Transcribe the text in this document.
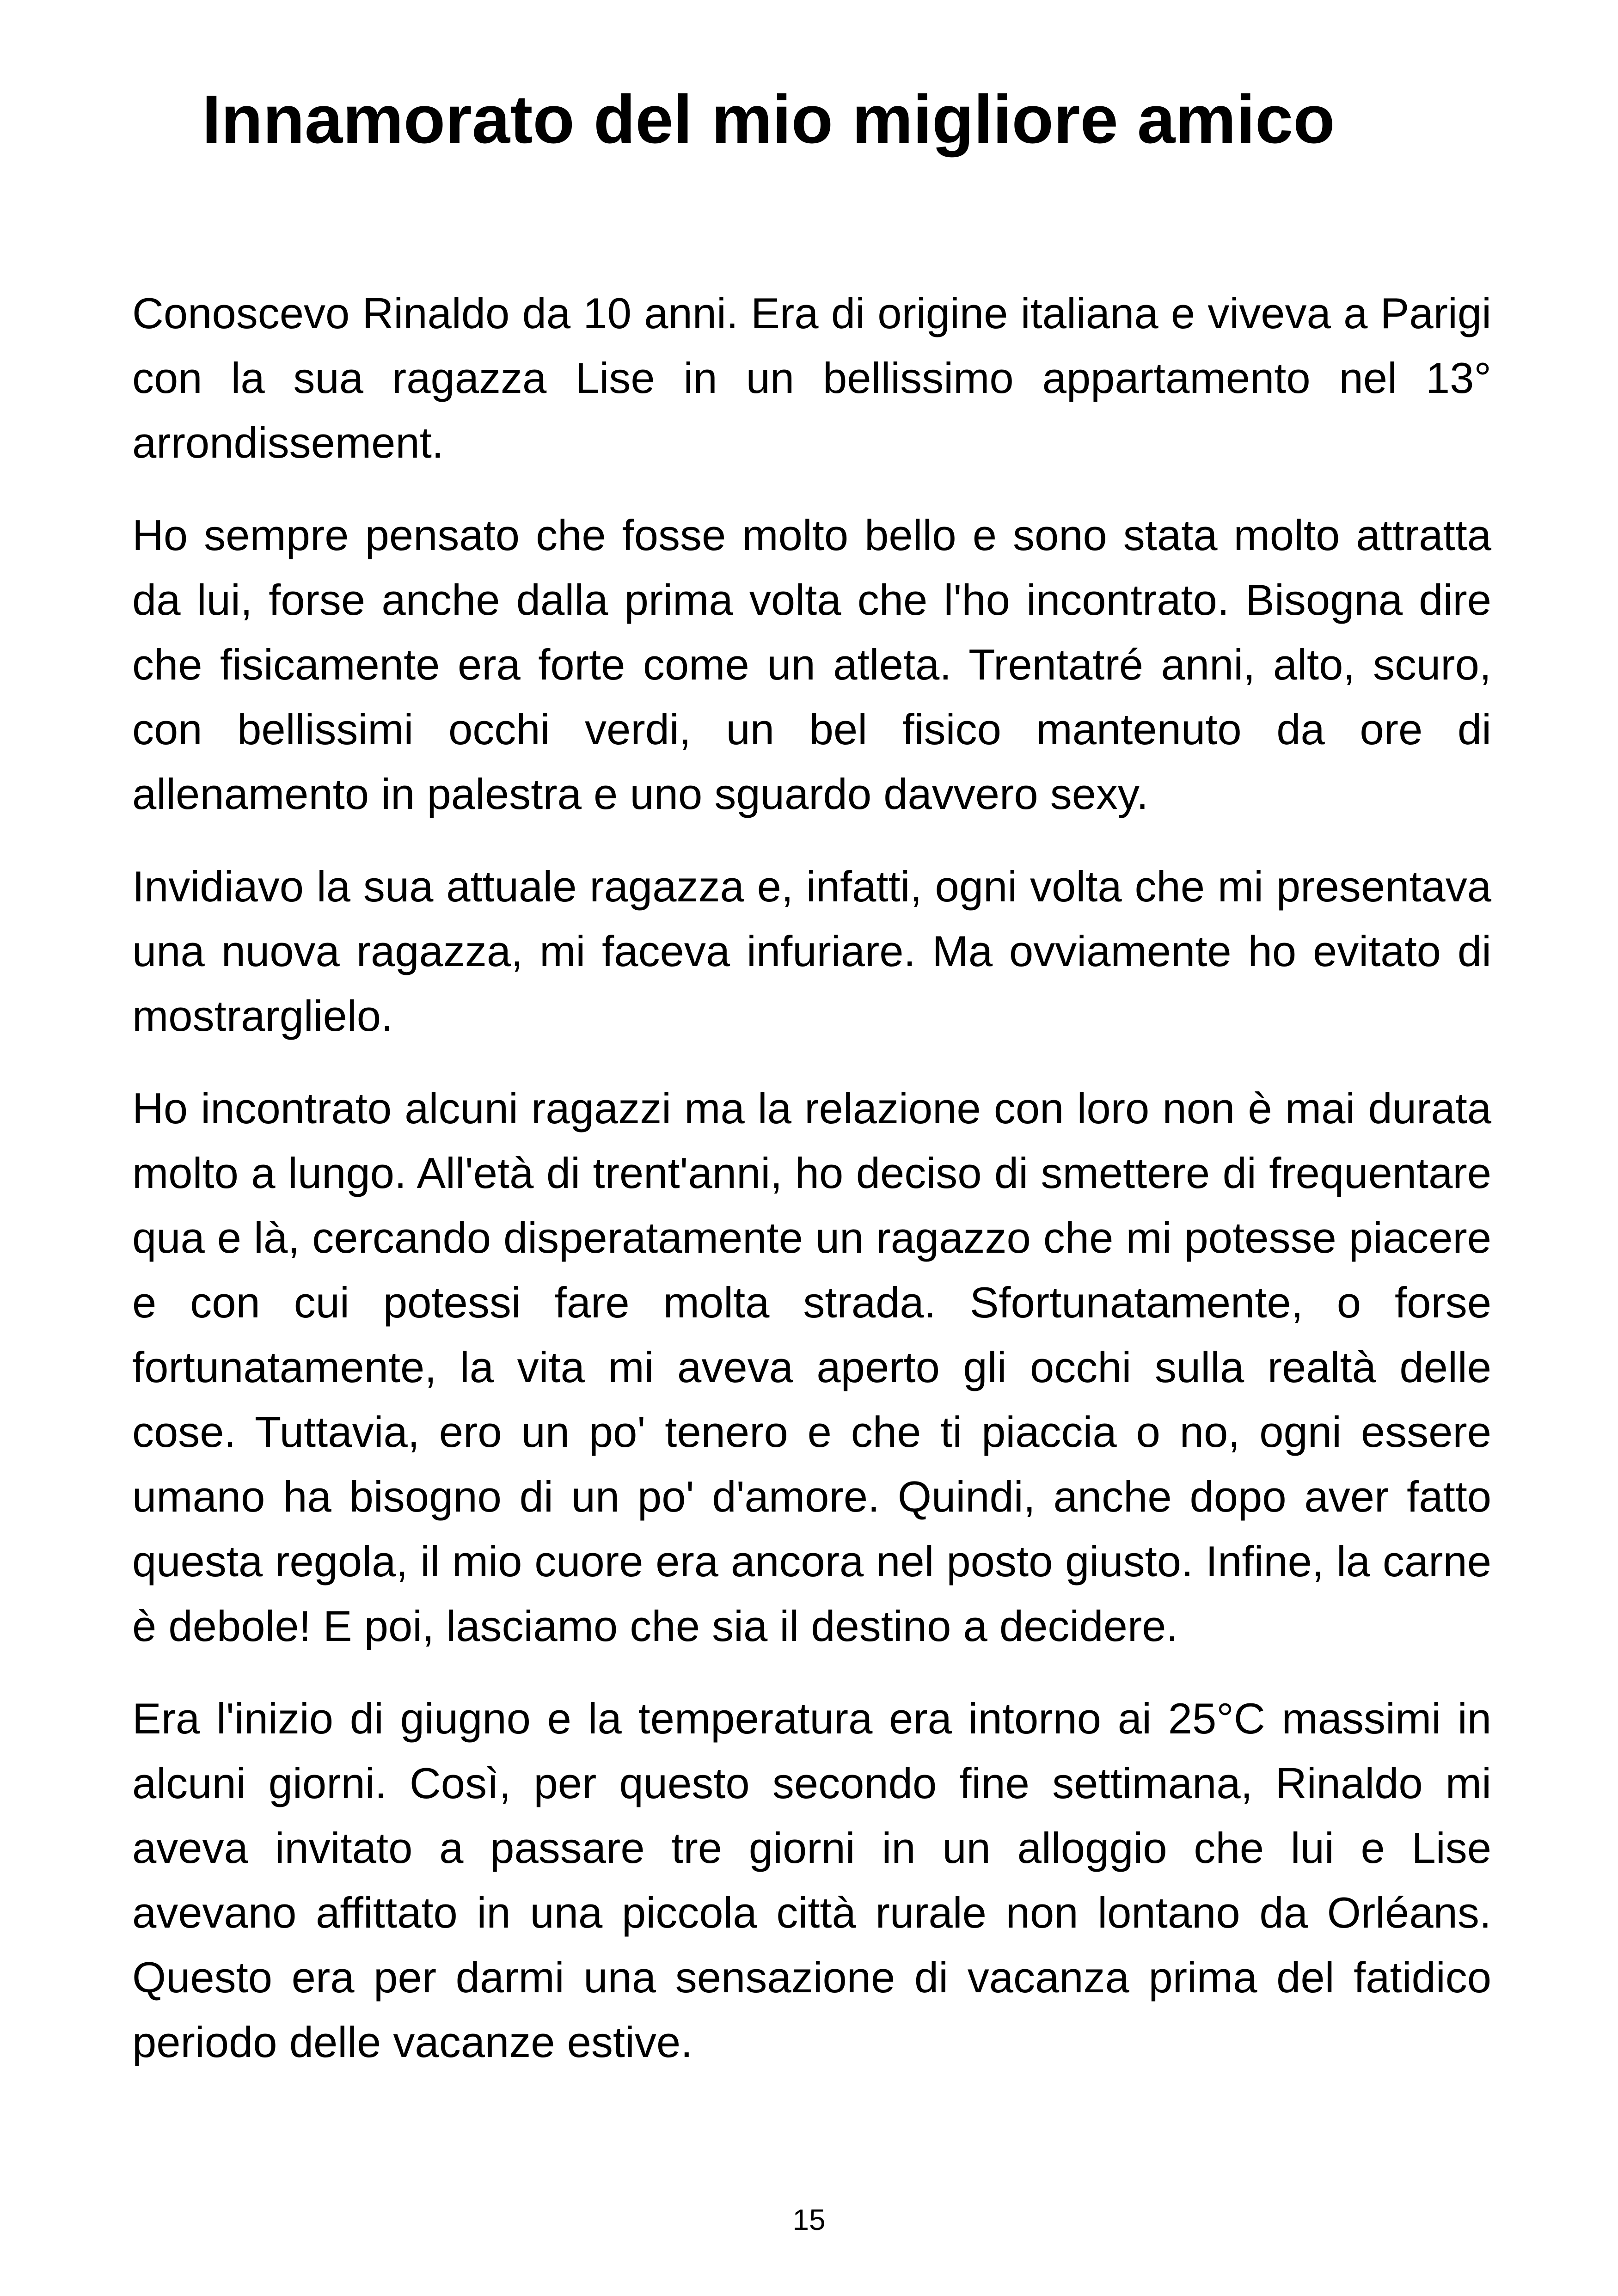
Innamorato del mio migliore amico

Conoscevo Rinaldo da 10 anni. Era di origine italiana e viveva a Parigi con la sua ragazza Lise in un bellissimo appartamento nel 13° arrondissement.

Ho sempre pensato che fosse molto bello e sono stata molto attratta da lui, forse anche dalla prima volta che l'ho incontrato. Bisogna dire che fisicamente era forte come un atleta. Trentatré anni, alto, scuro, con bellissimi occhi verdi, un bel fisico mantenuto da ore di allenamento in palestra e uno sguardo davvero sexy.

Invidiavo la sua attuale ragazza e, infatti, ogni volta che mi presentava una nuova ragazza, mi faceva infuriare. Ma ovviamente ho evitato di mostrarglielo.

Ho incontrato alcuni ragazzi ma la relazione con loro non è mai durata molto a lungo. All'età di trent'anni, ho deciso di smettere di frequentare qua e là, cercando disperatamente un ragazzo che mi potesse piacere e con cui potessi fare molta strada. Sfortunatamente, o forse fortunatamente, la vita mi aveva aperto gli occhi sulla realtà delle cose. Tuttavia, ero un po' tenero e che ti piaccia o no, ogni essere umano ha bisogno di un po' d'amore. Quindi, anche dopo aver fatto questa regola, il mio cuore era ancora nel posto giusto. Infine, la carne è debole! E poi, lasciamo che sia il destino a decidere.

Era l'inizio di giugno e la temperatura era intorno ai 25°C massimi in alcuni giorni. Così, per questo secondo fine settimana, Rinaldo mi aveva invitato a passare tre giorni in un alloggio che lui e Lise avevano affittato in una piccola città rurale non lontano da Orléans. Questo era per darmi una sensazione di vacanza prima del fatidico periodo delle vacanze estive.

15
